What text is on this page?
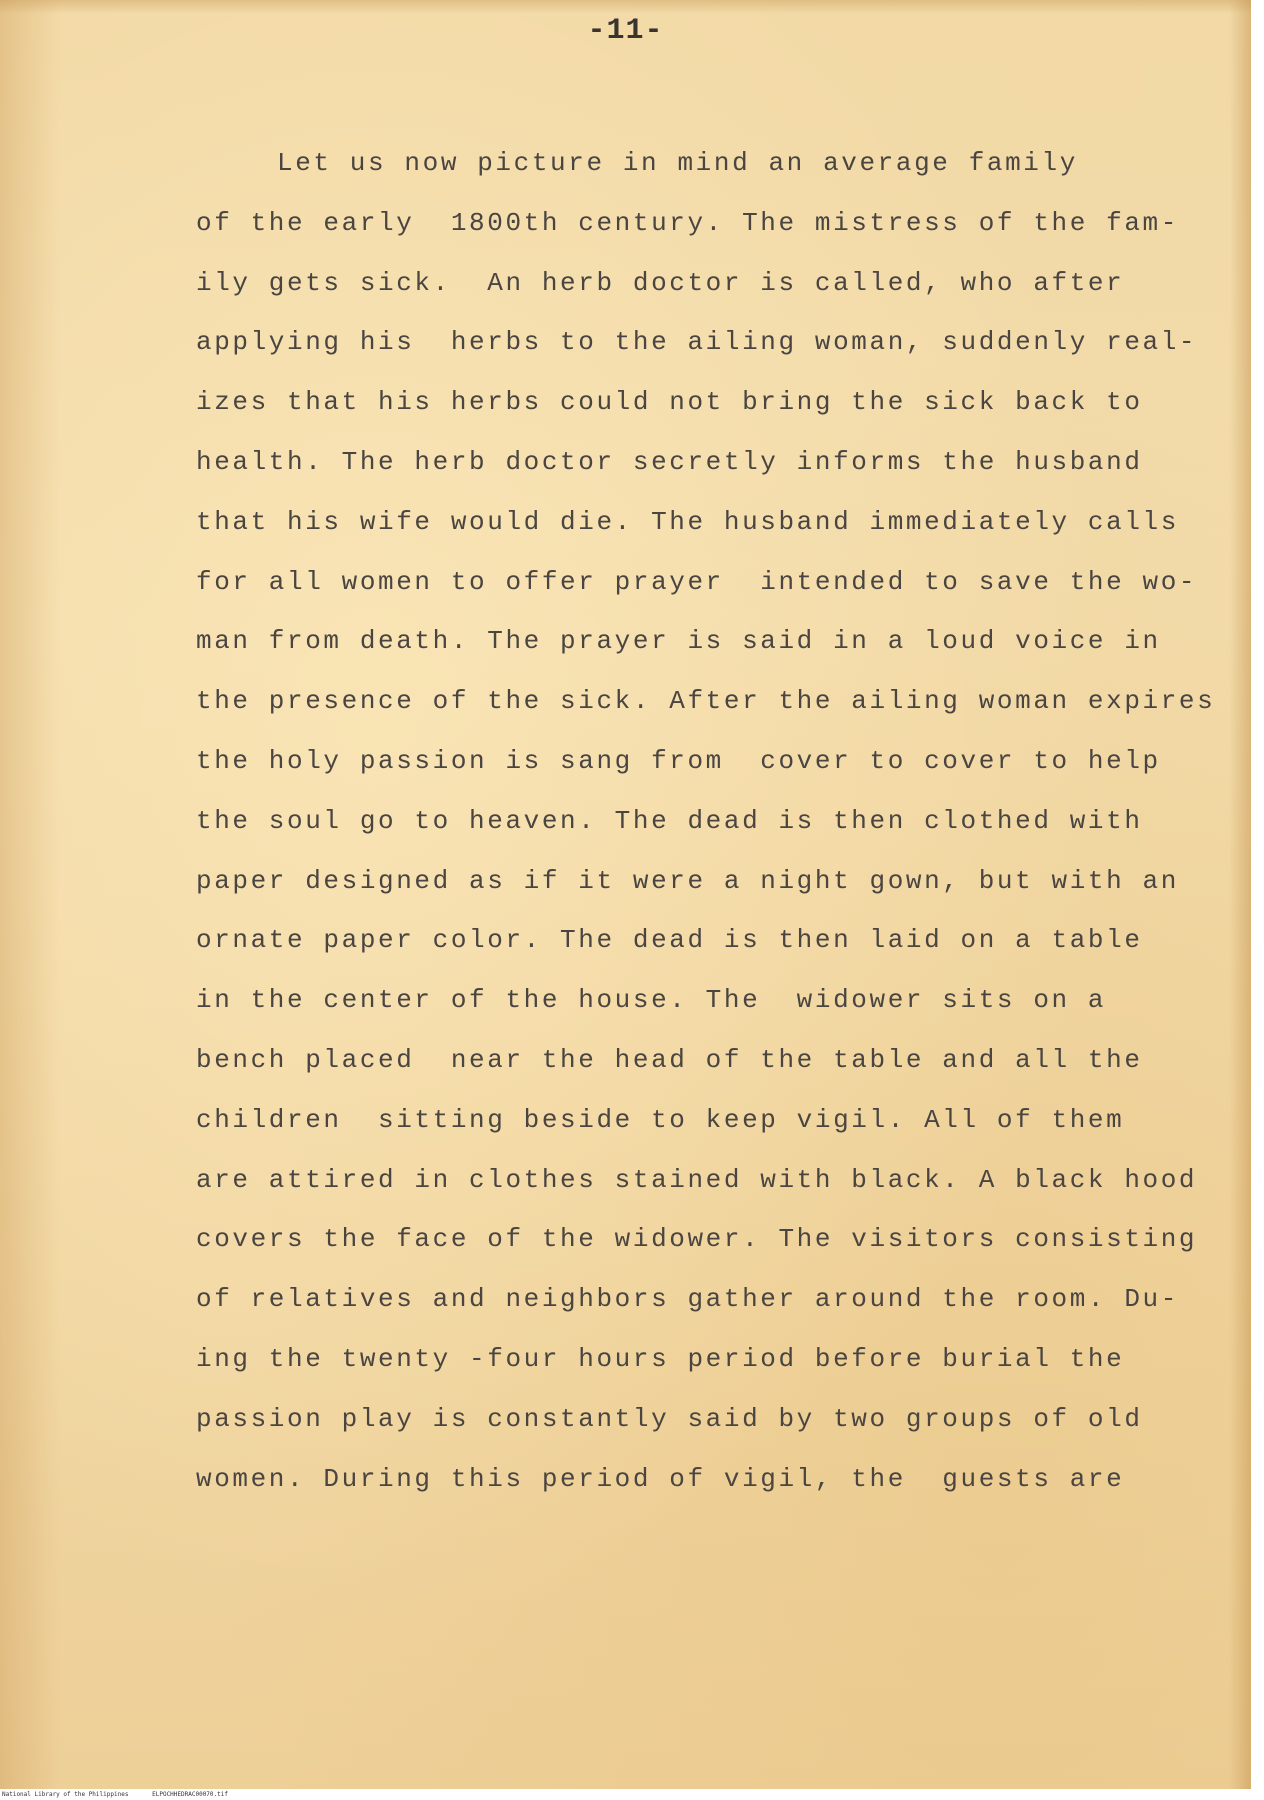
-11-
Let us now picture in mind an average family
of the early  1800th century. The mistress of the fam-
ily gets sick.  An herb doctor is called, who after
applying his  herbs to the ailing woman, suddenly real-
izes that his herbs could not bring the sick back to
health. The herb doctor secretly informs the husband
that his wife would die. The husband immediately calls
for all women to offer prayer  intended to save the wo-
man from death. The prayer is said in a loud voice in
the presence of the sick. After the ailing woman expires
the holy passion is sang from  cover to cover to help
the soul go to heaven. The dead is then clothed with
paper designed as if it were a night gown, but with an
ornate paper color. The dead is then laid on a table
in the center of the house. The  widower sits on a
bench placed  near the head of the table and all the
children  sitting beside to keep vigil. All of them
are attired in clothes stained with black. A black hood
covers the face of the widower. The visitors consisting
of relatives and neighbors gather around the room. Du-
ing the twenty -four hours period before burial the
passion play is constantly said by two groups of old
women. During this period of vigil, the  guests are
National Library of the Philippines	ELPOCHHEDRAC00070.tif
